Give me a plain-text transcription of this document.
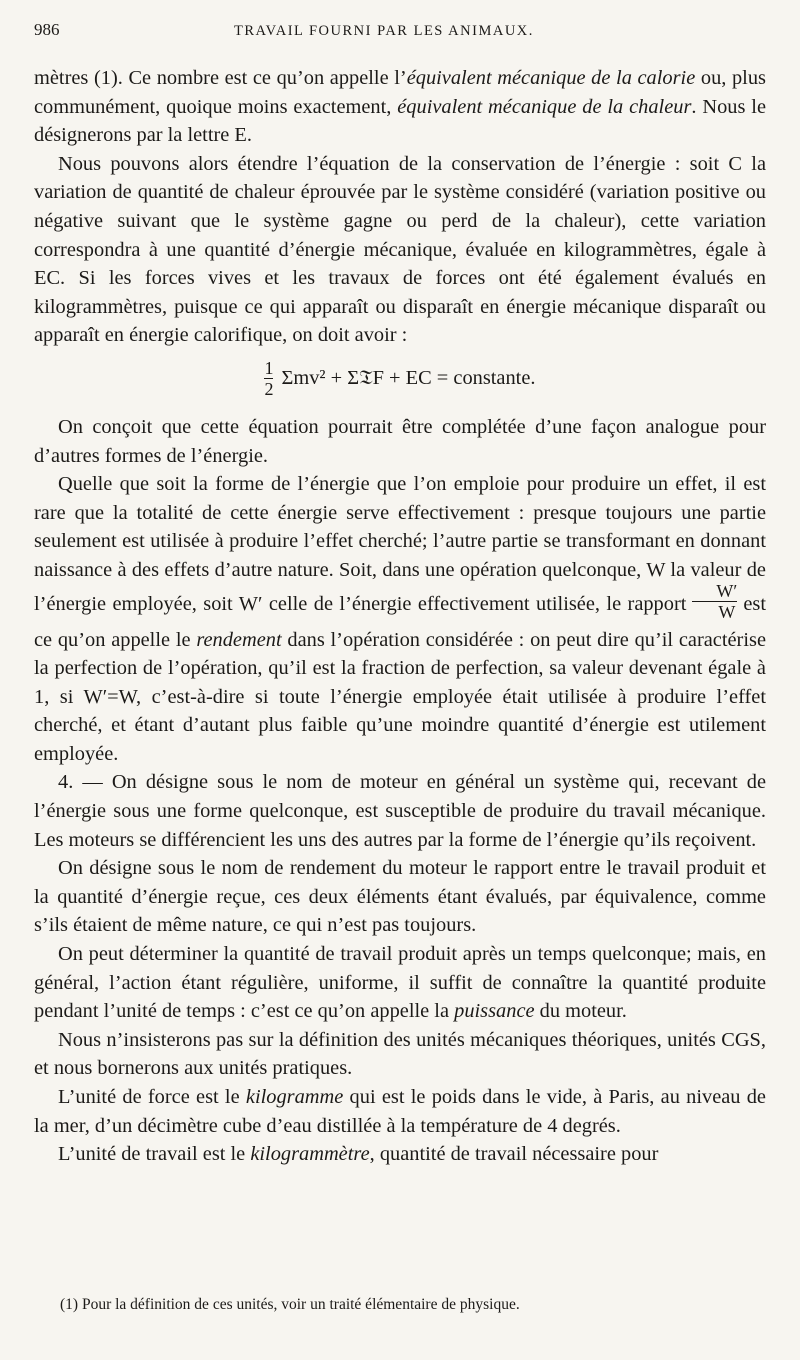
986	TRAVAIL FOURNI PAR LES ANIMAUX.

mètres (1). Ce nombre est ce qu’on appelle l’équivalent mécanique de la calorie ou, plus communément, quoique moins exactement, équivalent mécanique de la chaleur. Nous le désignerons par la lettre E.

Nous pouvons alors étendre l’équation de la conservation de l’énergie : soit C la variation de quantité de chaleur éprouvée par le système considéré (variation positive ou négative suivant que le système gagne ou perd de la chaleur), cette variation correspondra à une quantité d’énergie mécanique, évaluée en kilogrammètres, égale à EC. Si les forces vives et les travaux de forces ont été également évalués en kilogrammètres, puisque ce qui apparaît ou disparaît en énergie mécanique disparaît ou apparaît en énergie calorifique, on doit avoir :

$\frac{1}{2} \Sigma mv^2$ + Σ𝔗F + EC = constante.

On conçoit que cette équation pourrait être complétée d’une façon analogue pour d’autres formes de l’énergie.

Quelle que soit la forme de l’énergie que l’on emploie pour produire un effet, il est rare que la totalité de cette énergie serve effectivement : presque toujours une partie seulement est utilisée à produire l’effet cherché; l’autre partie se transformant en donnant naissance à des effets d’autre nature. Soit, dans une opération quelconque, W la valeur de l’énergie employée, soit W′ celle de l’énergie effectivement utilisée, le rapport $\frac{W'}{W}$ est ce qu’on appelle le rendement dans l’opération considérée : on peut dire qu’il caractérise la perfection de l’opération, qu’il est la fraction de perfection, sa valeur devenant égale à 1, si W′=W, c’est-à-dire si toute l’énergie employée était utilisée à produire l’effet cherché, et étant d’autant plus faible qu’une moindre quantité d’énergie est utilement employée.

4. — On désigne sous le nom de moteur en général un système qui, recevant de l’énergie sous une forme quelconque, est susceptible de produire du travail mécanique. Les moteurs se différencient les uns des autres par la forme de l’énergie qu’ils reçoivent.

On désigne sous le nom de rendement du moteur le rapport entre le travail produit et la quantité d’énergie reçue, ces deux éléments étant évalués, par équivalence, comme s’ils étaient de même nature, ce qui n’est pas toujours.

On peut déterminer la quantité de travail produit après un temps quelconque; mais, en général, l’action étant régulière, uniforme, il suffit de connaître la quantité produite pendant l’unité de temps : c’est ce qu’on appelle la puissance du moteur.

Nous n’insisterons pas sur la définition des unités mécaniques théoriques, unités CGS, et nous bornerons aux unités pratiques.

L’unité de force est le kilogramme qui est le poids dans le vide, à Paris, au niveau de la mer, d’un décimètre cube d’eau distillée à la température de 4 degrés.

L’unité de travail est le kilogrammètre, quantité de travail nécessaire pour

(1) Pour la définition de ces unités, voir un traité élémentaire de physique.
